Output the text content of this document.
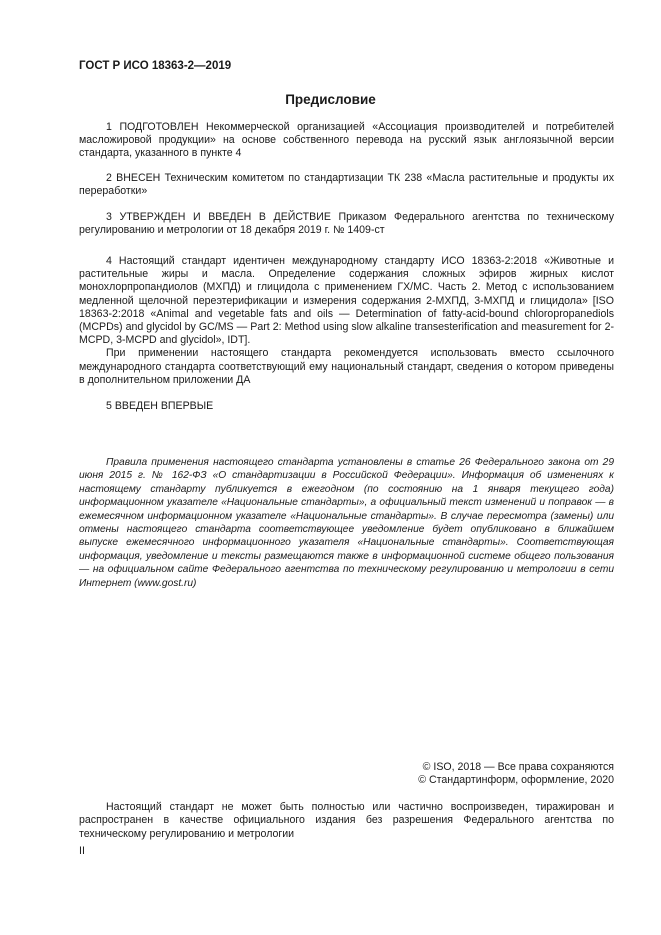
ГОСТ Р ИСО 18363-2—2019
Предисловие

1 ПОДГОТОВЛЕН Некоммерческой организацией «Ассоциация производителей и потребителей масложировой продукции» на основе собственного перевода на русский язык англоязычной версии стандарта, указанного в пункте 4

2 ВНЕСЕН Техническим комитетом по стандартизации ТК 238 «Масла растительные и продукты их переработки»

3 УТВЕРЖДЕН И ВВЕДЕН В ДЕЙСТВИЕ Приказом Федерального агентства по техническому регулированию и метрологии от 18 декабря 2019 г. № 1409-ст

4 Настоящий стандарт идентичен международному стандарту ИСО 18363-2:2018 «Животные и растительные жиры и масла. Определение содержания сложных эфиров жирных кислот монохлорпропандиолов (МХПД) и глицидола с применением ГХ/МС. Часть 2. Метод с использованием медленной щелочной переэтерификации и измерения содержания 2-МХПД, 3-МХПД и глицидола» [ISO 18363-2:2018 «Animal and vegetable fats and oils — Determination of fatty-acid-bound chloropropanediols (MCPDs) and glycidol by GC/MS — Part 2: Method using slow alkaline transesterification and measurement for 2-MCPD, 3-MCPD and glycidol», IDT].

При применении настоящего стандарта рекомендуется использовать вместо ссылочного международного стандарта соответствующий ему национальный стандарт, сведения о котором приведены в дополнительном приложении ДА

5 ВВЕДЕН ВПЕРВЫЕ

Правила применения настоящего стандарта установлены в статье 26 Федерального закона от 29 июня 2015 г. № 162-ФЗ «О стандартизации в Российской Федерации». Информация об изменениях к настоящему стандарту публикуется в ежегодном (по состоянию на 1 января текущего года) информационном указателе «Национальные стандарты», а официальный текст изменений и поправок — в ежемесячном информационном указателе «Национальные стандарты». В случае пересмотра (замены) или отмены настоящего стандарта соответствующее уведомление будет опубликовано в ближайшем выпуске ежемесячного информационного указателя «Национальные стандарты». Соответствующая информация, уведомление и тексты размещаются также в информационной системе общего пользования — на официальном сайте Федерального агентства по техническому регулированию и метрологии в сети Интернет (www.gost.ru)

© ISO, 2018 — Все права сохраняются
© Стандартинформ, оформление, 2020

Настоящий стандарт не может быть полностью или частично воспроизведен, тиражирован и распространен в качестве официального издания без разрешения Федерального агентства по техническому регулированию и метрологии

II
